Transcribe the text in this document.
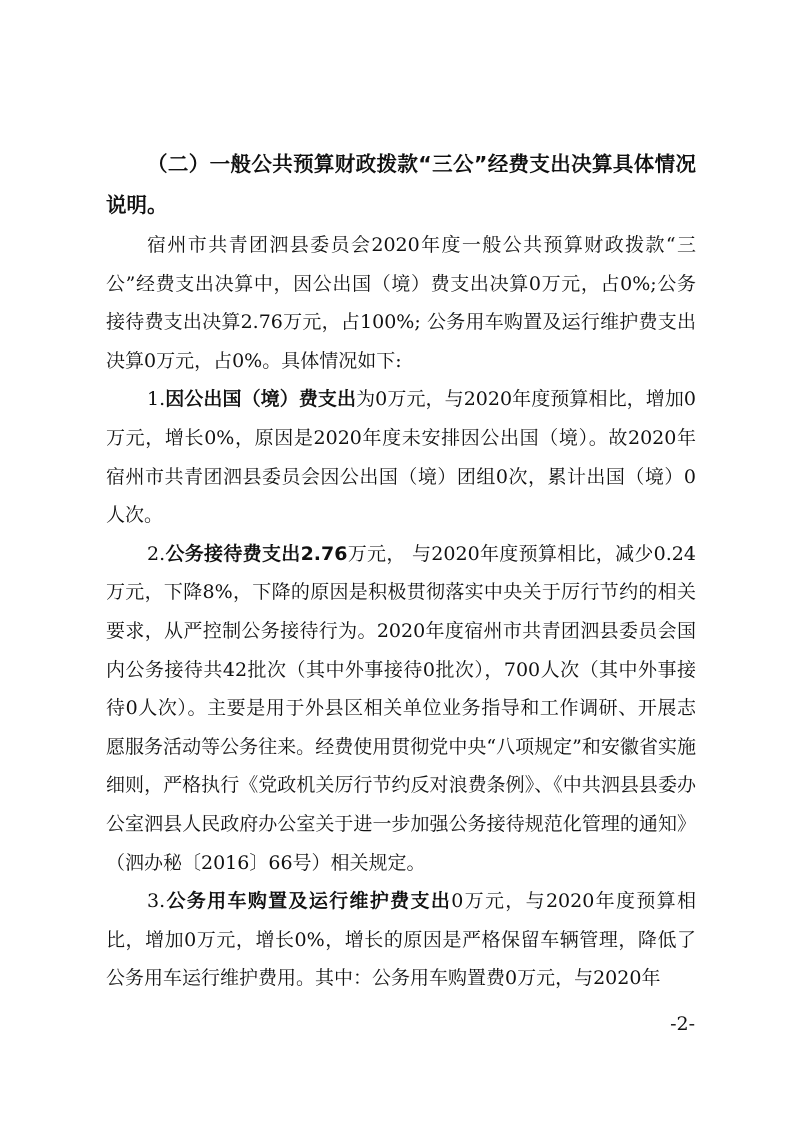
（二）一般公共预算财政拨款“三公”经费支出决算具体情况说明。

宿州市共青团泗县委员会2020年度一般公共预算财政拨款“三公”经费支出决算中，因公出国（境）费支出决算0万元，占0%;公务接待费支出决算2.76万元，占100%; 公务用车购置及运行维护费支出决算0万元，占0%。具体情况如下:

1.因公出国（境）费支出为0万元，与2020年度预算相比，增加0万元，增长0%，原因是2020年度未安排因公出国（境）。故2020年宿州市共青团泗县委员会因公出国（境）团组0次，累计出国（境）0人次。

2.公务接待费支出2.76万元， 与2020年度预算相比，减少0.24万元，下降8%，下降的原因是积极贯彻落实中央关于厉行节约的相关要求，从严控制公务接待行为。2020年度宿州市共青团泗县委员会国内公务接待共42批次（其中外事接待0批次），700人次（其中外事接待0人次）。主要是用于外县区相关单位业务指导和工作调研、开展志愿服务活动等公务往来。经费使用贯彻党中央“八项规定”和安徽省实施细则，严格执行《党政机关厉行节约反对浪费条例》、《中共泗县县委办公室泗县人民政府办公室关于进一步加强公务接待规范化管理的通知》（泗办秘〔2016〕66号）相关规定。

3.公务用车购置及运行维护费支出0万元，与2020年度预算相比，增加0万元，增长0%，增长的原因是严格保留车辆管理，降低了公务用车运行维护费用。其中：公务用车购置费0万元，与2020年

-2-
